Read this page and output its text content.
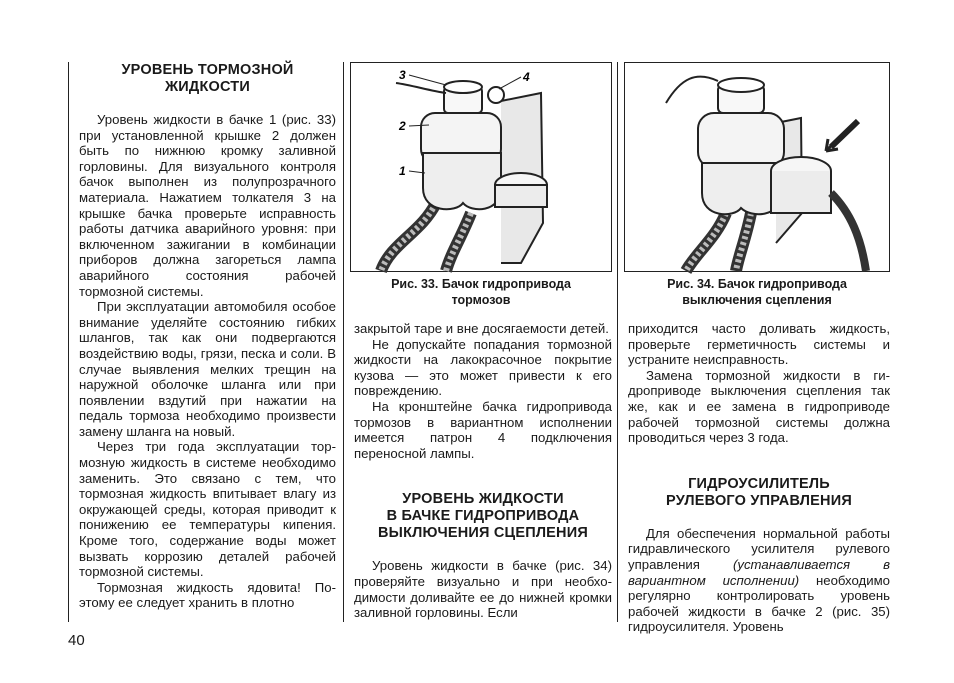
УРОВЕНЬ ТОРМОЗНОЙ
ЖИДКОСТИ

Уровень жидкости в бачке 1 (рис. 33) при установленной крышке 2 должен быть по нижнюю кромку заливной горловины. Для визуального контроля бачок выполнен из полупрозрачного материала. Нажатием толкателя 3 на крышке бачка проверьте исправность работы датчика аварийного уровня: при включенном зажигании в комбинации приборов должна загореться лампа аварийного состояния рабочей тормозной системы.

При эксплуатации автомобиля особое внимание уделяйте состоянию гибких шлангов, так как они подвергаются воздействию воды, грязи, песка и соли. В случае выявления мелких трещин на наружной оболочке шланга или при появлении вздутий при нажатии на педаль тормоза необходимо произвести замену шланга на новый.

Через три года эксплуатации тормозную жидкость в системе необходимо заменить. Это связано с тем, что тормозная жидкость впитывает влагу из окружающей среды, которая приводит к понижению ее температуры кипения. Кроме того, содержание воды может вызвать коррозию деталей рабочей тормозной системы.

Тормозная жидкость ядовита! Поэтому ее следует хранить в плотно

3	4
2
1
Рис. 33. Бачок гидропривода
тормозов

закрытой таре и вне досягаемости детей.

Не допускайте попадания тормозной жидкости на лакокрасочное покрытие кузова — это может привести к его повреждению.

На кронштейне бачка гидропривода тормозов в вариантном исполнении имеется патрон 4 подключения переносной лампы.

УРОВЕНЬ ЖИДКОСТИ
В БАЧКЕ ГИДРОПРИВОДА
ВЫКЛЮЧЕНИЯ СЦЕПЛЕНИЯ

Уровень жидкости в бачке (рис. 34) проверяйте визуально и при необходимости доливайте ее до нижней кромки заливной горловины. Если

Рис. 34. Бачок гидропривода
выключения сцепления

приходится часто доливать жидкость, проверьте герметичность системы и устраните неисправность.

Замена тормозной жидкости в гидроприводе выключения сцепления так же, как и ее замена в гидроприводе рабочей тормозной системы должна проводиться через 3 года.

ГИДРОУСИЛИТЕЛЬ
РУЛЕВОГО УПРАВЛЕНИЯ

Для обеспечения нормальной работы гидравлического усилителя рулевого управления (устанавливается в вариантном исполнении) необходимо регулярно контролировать уровень рабочей жидкости в бачке 2 (рис. 35) гидроусилителя. Уровень

40
